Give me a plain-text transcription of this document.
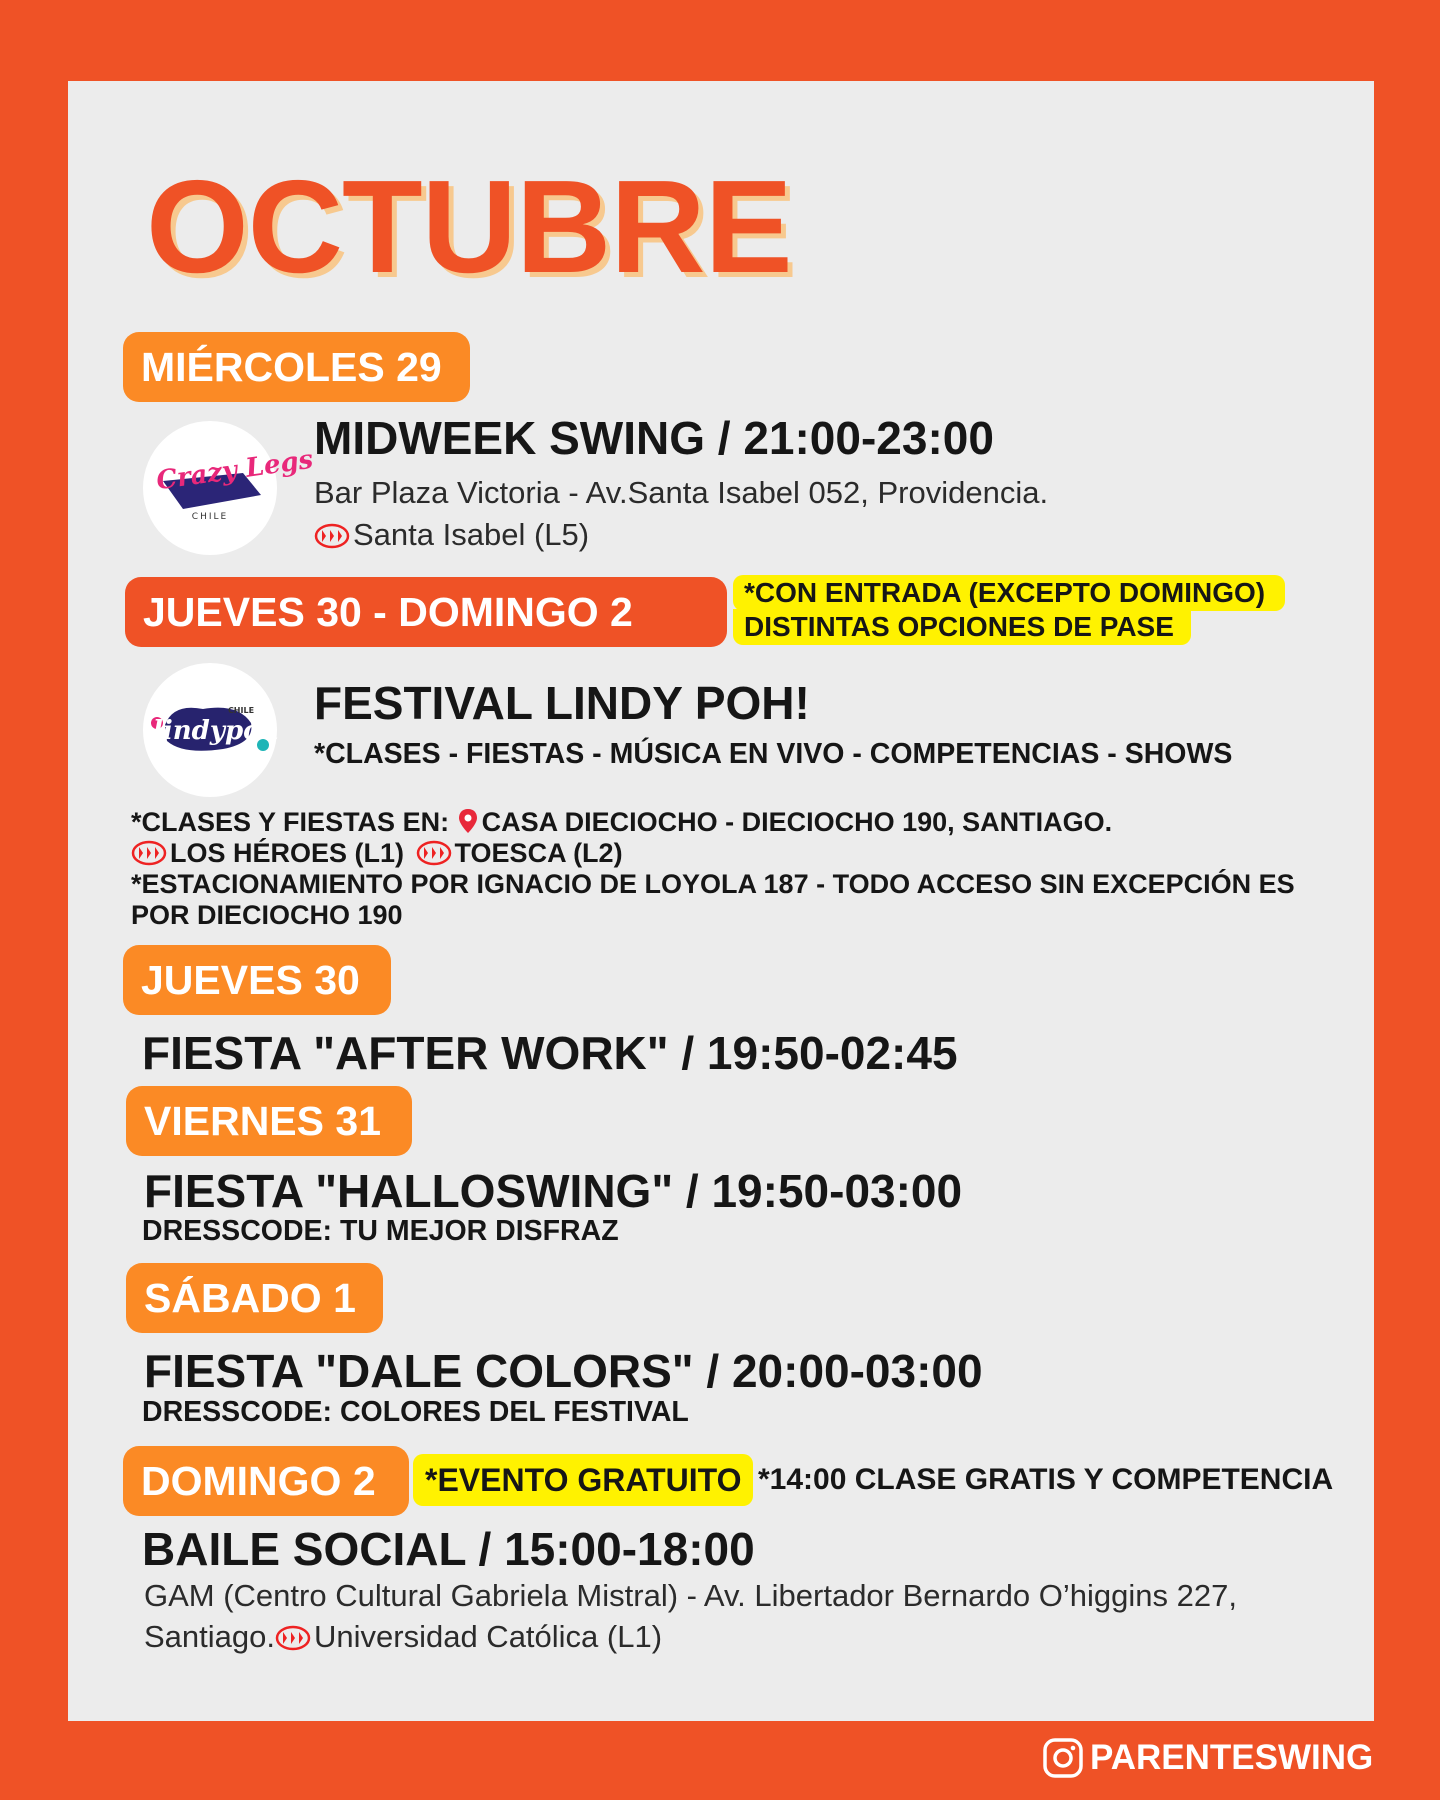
OCTUBRE
MIÉRCOLES 29
Crazy Legs
CHILE
MIDWEEK SWING / 21:00-23:00
Bar Plaza Victoria - Av.Santa Isabel 052, Providencia.
Santa Isabel (L5)
JUEVES 30 - DOMINGO 2	*CON ENTRADA (EXCEPTO DOMINGO)
DISTINTAS OPCIONES DE PASE
lindypoh
CHILE FESTIVAL LINDY POH!
*CLASES - FIESTAS - MÚSICA EN VIVO - COMPETENCIAS - SHOWS
*CLASES Y FIESTAS EN: CASA DIECIOCHO - DIECIOCHO 190, SANTIAGO.
LOS HÉROES (L1) TOESCA (L2)
*ESTACIONAMIENTO POR IGNACIO DE LOYOLA 187 - TODO ACCESO SIN EXCEPCIÓN ES
POR DIECIOCHO 190
JUEVES 30
FIESTA "AFTER WORK" / 19:50-02:45
VIERNES 31
FIESTA "HALLOSWING" / 19:50-03:00
DRESSCODE: TU MEJOR DISFRAZ
SÁBADO 1
FIESTA "DALE COLORS" / 20:00-03:00
DRESSCODE: COLORES DEL FESTIVAL
DOMINGO 2	*EVENTO GRATUITO *14:00 CLASE GRATIS Y COMPETENCIA
BAILE SOCIAL / 15:00-18:00
GAM (Centro Cultural Gabriela Mistral) - Av. Libertador Bernardo O’higgins 227,
Santiago. Universidad Católica (L1)
PARENTESWING
